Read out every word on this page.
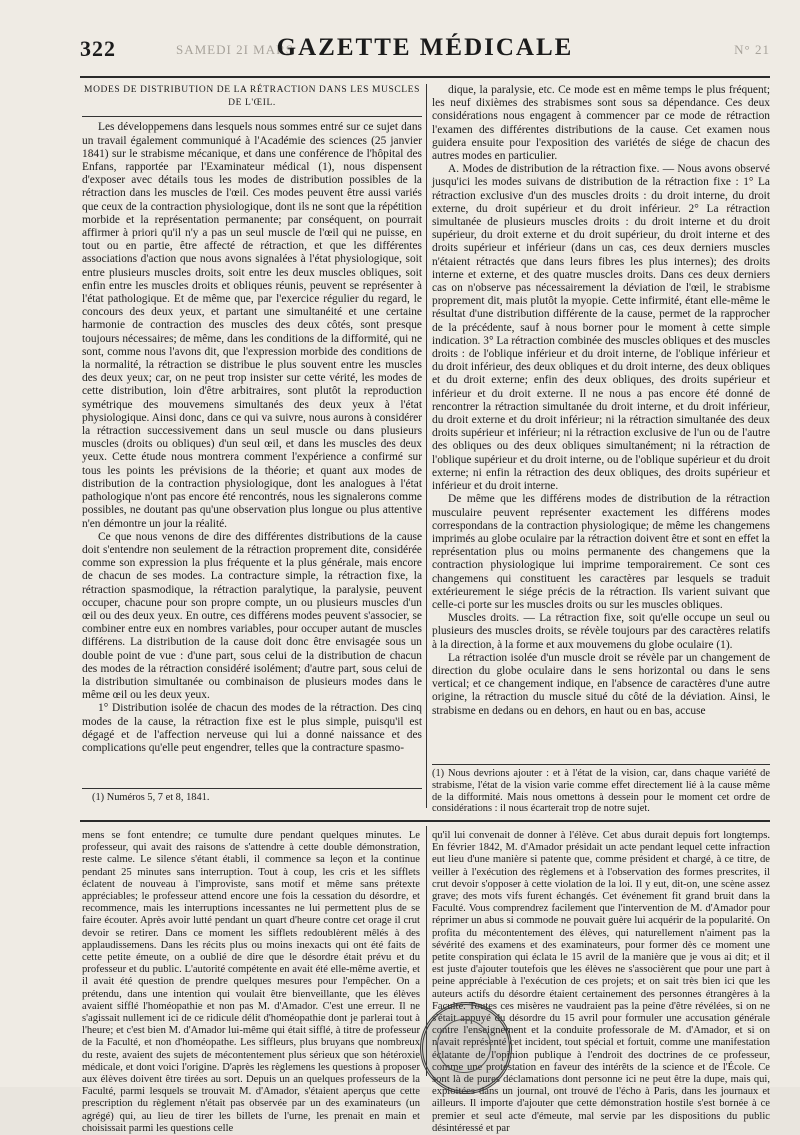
322	SAMEDI 2I MARS
GAZETTE MÉDICALE	N° 21
MODES DE DISTRIBUTION DE LA RÉTRACTION DANS LES MUSCLES DE L'ŒIL.

Les développemens dans lesquels nous sommes entré sur ce sujet dans un travail également communiqué à l'Académie des sciences (25 janvier 1841) sur le strabisme mécanique, et dans une conférence de l'hôpital des Enfans, rapportée par l'Examinateur médical (1), nous dispensent d'exposer avec détails tous les modes de distribution possibles de la rétraction dans les muscles de l'œil. Ces modes peuvent être aussi variés que ceux de la contraction physiologique, dont ils ne sont que la répétition morbide et la représentation permanente; par conséquent, on pourrait affirmer à priori qu'il n'y a pas un seul muscle de l'œil qui ne puisse, en tout ou en partie, être affecté de rétraction, et que les différentes associations d'action que nous avons signalées à l'état physiologique, soit entre plusieurs muscles droits, soit entre les deux muscles obliques, soit enfin entre les muscles droits et obliques réunis, peuvent se représenter à l'état pathologique. Et de même que, par l'exercice régulier du regard, le concours des deux yeux, et partant une simultanéité et une certaine harmonie de contraction des muscles des deux côtés, sont presque toujours nécessaires; de même, dans les conditions de la difformité, qui ne sont, comme nous l'avons dit, que l'expression morbide des conditions de la normalité, la rétraction se distribue le plus souvent entre les muscles des deux yeux; car, on ne peut trop insister sur cette vérité, les modes de cette distribution, loin d'être arbitraires, sont plutôt la reproduction symétrique des mouvemens simultanés des deux yeux à l'état physiologique. Ainsi donc, dans ce qui va suivre, nous aurons à considérer la rétraction successivement dans un seul muscle ou dans plusieurs muscles (droits ou obliques) d'un seul œil, et dans les muscles des deux yeux. Cette étude nous montrera comment l'expérience a confirmé sur tous les points les prévisions de la théorie; et quant aux modes de distribution de la contraction physiologique, dont les analogues à l'état pathologique n'ont pas encore été rencontrés, nous les signalerons comme possibles, ne doutant pas qu'une observation plus longue ou plus attentive n'en démontre un jour la réalité.

Ce que nous venons de dire des différentes distributions de la cause doit s'entendre non seulement de la rétraction proprement dite, considérée comme son expression la plus fréquente et la plus générale, mais encore de chacun de ses modes. La contracture simple, la rétraction fixe, la rétraction spasmodique, la rétraction paralytique, la paralysie, peuvent occuper, chacune pour son propre compte, un ou plusieurs muscles d'un œil ou des deux yeux. En outre, ces différens modes peuvent s'associer, se combiner entre eux en nombres variables, pour occuper autant de muscles différens. La distribution de la cause doit donc être envisagée sous un double point de vue : d'une part, sous celui de la distribution de chacun des modes de la rétraction considéré isolément; d'autre part, sous celui de la distribution simultanée ou combinaison de plusieurs modes dans le même œil ou les deux yeux.

1° Distribution isolée de chacun des modes de la rétraction. Des cinq modes de la cause, la rétraction fixe est le plus simple, puisqu'il est dégagé et de l'affection nerveuse qui lui a donné naissance et des complications qu'elle peut engendrer, telles que la contracture spasmo-

(1) Numéros 5, 7 et 8, 1841.

dique, la paralysie, etc. Ce mode est en même temps le plus fréquent; les neuf dixièmes des strabismes sont sous sa dépendance. Ces deux considérations nous engagent à commencer par ce mode de rétraction l'examen des différentes distributions de la cause. Cet examen nous guidera ensuite pour l'exposition des variétés de siége de chacun des autres modes en particulier.

A. Modes de distribution de la rétraction fixe. — Nous avons observé jusqu'ici les modes suivans de distribution de la rétraction fixe : 1° La rétraction exclusive d'un des muscles droits : du droit interne, du droit externe, du droit supérieur et du droit inférieur. 2° La rétraction simultanée de plusieurs muscles droits : du droit interne et du droit supérieur, du droit externe et du droit supérieur, du droit interne et des droits supérieur et inférieur (dans un cas, ces deux derniers muscles n'étaient rétractés que dans leurs fibres les plus internes); des droits interne et externe, et des quatre muscles droits. Dans ces deux derniers cas on n'observe pas nécessairement la déviation de l'œil, le strabisme proprement dit, mais plutôt la myopie. Cette infirmité, étant elle-même le résultat d'une distribution différente de la cause, permet de la rapprocher de la précédente, sauf à nous borner pour le moment à cette simple indication. 3° La rétraction combinée des muscles obliques et des muscles droits : de l'oblique inférieur et du droit interne, de l'oblique inférieur et du droit inférieur, des deux obliques et du droit interne, des deux obliques et du droit externe; enfin des deux obliques, des droits supérieur et inférieur et du droit externe. Il ne nous a pas encore été donné de rencontrer la rétraction simultanée du droit interne, et du droit inférieur, du droit externe et du droit inférieur; ni la rétraction simultanée des deux droits supérieur et inférieur; ni la rétraction exclusive de l'un ou de l'autre des obliques ou des deux obliques simultanément; ni la rétraction de l'oblique supérieur et du droit interne, ou de l'oblique supérieur et du droit externe; ni enfin la rétraction des deux obliques, des droits supérieur et inférieur et du droit interne.

De même que les différens modes de distribution de la rétraction musculaire peuvent représenter exactement les différens modes correspondans de la contraction physiologique; de même les changemens imprimés au globe oculaire par la rétraction doivent être et sont en effet la représentation plus ou moins permanente des changemens que la contraction physiologique lui imprime temporairement. Ce sont ces changemens qui constituent les caractères par lesquels se traduit extérieurement le siége précis de la rétraction. Ils varient suivant que celle-ci porte sur les muscles droits ou sur les muscles obliques.

Muscles droits. — La rétraction fixe, soit qu'elle occupe un seul ou plusieurs des muscles droits, se révèle toujours par des caractères relatifs à la direction, à la forme et aux mouvemens du globe oculaire (1).

La rétraction isolée d'un muscle droit se révèle par un changement de direction du globe oculaire dans le sens horizontal ou dans le sens vertical; et ce changement indique, en l'absence de caractères d'une autre origine, la rétraction du muscle situé du côté de la déviation. Ainsi, le strabisme en dedans ou en dehors, en haut ou en bas, accuse

(1) Nous devrions ajouter : et à l'état de la vision, car, dans chaque variété de strabisme, l'état de la vision varie comme effet directement lié à la cause même de la difformité. Mais nous omettons à dessein pour le moment cet ordre de considérations : il nous écarterait trop de notre sujet.
mens se font entendre; ce tumulte dure pendant quelques minutes. Le professeur, qui avait des raisons de s'attendre à cette double démonstration, reste calme. Le silence s'étant établi, il commence sa leçon et la continue pendant 25 minutes sans interruption. Tout à coup, les cris et les sifflets éclatent de nouveau à l'improviste, sans motif et même sans prétexte appréciables; le professeur attend encore une fois la cessation du désordre, et recommence, mais les interruptions incessantes ne lui permettent plus de se faire écouter. Après avoir lutté pendant un quart d'heure contre cet orage il crut devoir se retirer. Dans ce moment les sifflets redoublèrent mêlés à des applaudissemens. Dans les récits plus ou moins inexacts qui ont été faits de cette petite émeute, on a oublié de dire que le désordre était prévu et du professeur et du public. L'autorité compétente en avait été elle-même avertie, et il avait été question de prendre quelques mesures pour l'empêcher. On a prétendu, dans une intention qui voulait être bienveillante, que les élèves avaient sifflé l'homéopathie et non pas M. d'Amador. C'est une erreur. Il ne s'agissait nullement ici de ce ridicule délit d'homéopathie dont je parlerai tout à l'heure; et c'est bien M. d'Amador lui-même qui était sifflé, à titre de professeur de la Faculté, et non d'homéopathe. Les siffleurs, plus bruyans que nombreux du reste, avaient des sujets de mécontentement plus sérieux que son hétéroxie médicale, et dont voici l'origine. D'après les règlemens les questions à proposer aux élèves doivent être tirées au sort. Depuis un an quelques professeurs de la Faculté, parmi lesquels se trouvait M. d'Amador, s'étaient aperçus que cette prescription du règlement n'était pas observée par un des examinateurs (un agrégé) qui, au lieu de tirer les billets de l'urne, les prenait en main et choisissait parmi les questions celle
qu'il lui convenait de donner à l'élève. Cet abus durait depuis fort longtemps. En février 1842, M. d'Amador présidait un acte pendant lequel cette infraction eut lieu d'une manière si patente que, comme président et chargé, à ce titre, de veiller à l'exécution des règlemens et à l'observation des formes prescrites, il crut devoir s'opposer à cette violation de la loi. Il y eut, dit-on, une scène assez grave; des mots vifs furent échangés. Cet événement fit grand bruit dans la Faculté. Vous comprendrez facilement que l'intervention de M. d'Amador pour réprimer un abus si commode ne pouvait guère lui acquérir de la popularité. On profita du mécontentement des élèves, qui naturellement n'aiment pas la sévérité des examens et des examinateurs, pour former dès ce moment une petite conspiration qui éclata le 15 avril de la manière que je vous ai dit; et il est juste d'ajouter toutefois que les élèves ne s'associèrent que pour une part à peine appréciable à l'exécution de ces projets; et on sait très bien ici que les auteurs actifs du désordre étaient certainement des personnes étrangères à la Faculté. Toutes ces misères ne vaudraient pas la peine d'être révélées, si on ne s'était appuyé du désordre du 15 avril pour formuler une accusation générale contre l'enseignement et la conduite professorale de M. d'Amador, et si on n'avait représenté cet incident, tout spécial et fortuit, comme une manifestation éclatante de l'opinion publique à l'endroit des doctrines de ce professeur, comme une protestation en faveur des intérêts de la science et de l'École. Ce sont là de pures déclamations dont personne ici ne peut être la dupe, mais qui, exploitées dans un journal, ont trouvé de l'écho à Paris, dans les journaux et ailleurs. Il importe d'ajouter que cette démonstration hostile s'est bornée à ce premier et seul acte d'émeute, mal servie par les dispositions du public désintéressé et par
